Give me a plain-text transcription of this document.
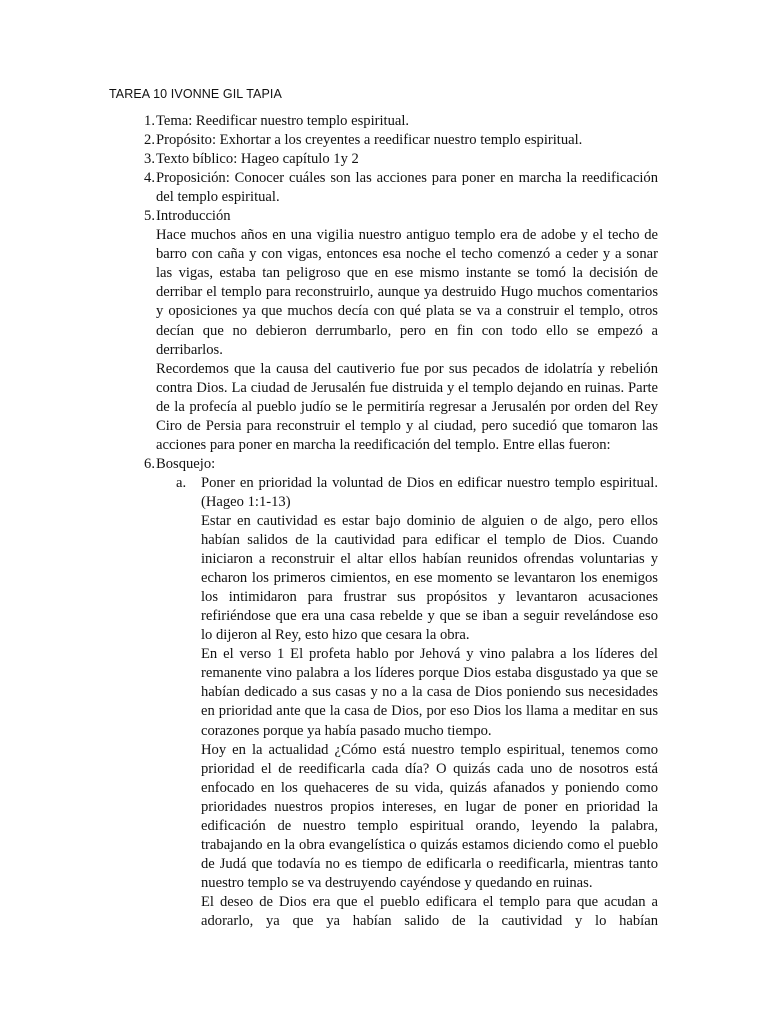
TAREA 10 IVONNE GIL TAPIA
1 . Tema: Reedificar nuestro templo espiritual.

2 . Propósito: Exhortar a los creyentes a reedificar nuestro templo espiritual.

3 . Texto bíblico: Hageo capítulo 1y 2

4 . Proposición: Conocer cuáles son las acciones para poner en marcha la reedificación del templo espiritual.

5 . Introducción

Hace muchos años en una vigilia nuestro antiguo templo era de adobe y el techo de barro con caña y con vigas, entonces esa noche el techo comenzó a ceder y a sonar las vigas, estaba tan peligroso que en ese mismo instante se tomó la decisión de derribar el templo para reconstruirlo, aunque ya destruido Hugo muchos comentarios y oposiciones ya que muchos decía con qué plata se va a construir el templo, otros decían que no debieron derrumbarlo, pero en fin con todo ello se empezó a derribarlos.

Recordemos que la causa del cautiverio fue por sus pecados de idolatría y rebelión contra Dios. La ciudad de Jerusalén fue distruida y el templo dejando en ruinas. Parte de la profecía al pueblo judío se le permitiría regresar a Jerusalén por orden del Rey Ciro de Persia para reconstruir el templo y al ciudad, pero sucedió que tomaron las acciones para poner en marcha la reedificación del templo. Entre ellas fueron:

6 . Bosquejo:

a . Poner en prioridad la voluntad de Dios en edificar nuestro templo espiritual. (Hageo 1:1-13)

Estar en cautividad es estar bajo dominio de alguien o de algo, pero ellos habían salidos de la cautividad para edificar el templo de Dios. Cuando iniciaron a reconstruir el altar ellos habían reunidos ofrendas voluntarias y echaron los primeros cimientos, en ese momento se levantaron los enemigos los intimidaron para frustrar sus propósitos y levantaron acusaciones refiriéndose que era una casa rebelde y que se iban a seguir revelándose eso lo dijeron al Rey, esto hizo que cesara la obra.

En el verso 1 El profeta hablo por Jehová y vino palabra a los líderes del remanente vino palabra a los líderes porque Dios estaba disgustado ya que se habían dedicado a sus casas y no a la casa de Dios poniendo sus necesidades en prioridad ante que la casa de Dios, por eso Dios los llama a meditar en sus corazones porque ya había pasado mucho tiempo.

Hoy en la actualidad ¿Cómo está nuestro templo espiritual, tenemos como prioridad el de reedificarla cada día? O quizás cada uno de nosotros está enfocado en los quehaceres de su vida, quizás afanados y poniendo como prioridades nuestros propios intereses, en lugar de poner en prioridad la edificación de nuestro templo espiritual orando, leyendo la palabra, trabajando en la obra evangelística o quizás estamos diciendo como el pueblo de Judá que todavía no es tiempo de edificarla o reedificarla, mientras tanto nuestro templo se va destruyendo cayéndose y quedando en ruinas.

El deseo de Dios era que el pueblo edificara el templo para que acudan a adorarlo, ya que ya habían salido de la cautividad y lo habían
